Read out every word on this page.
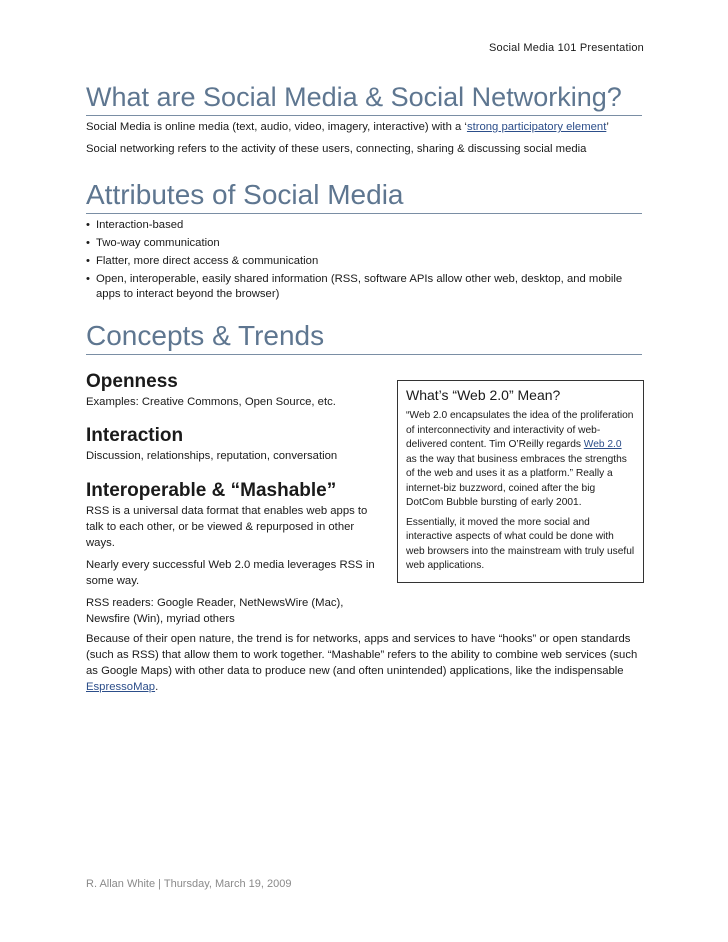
Social Media 101 Presentation
What are Social Media & Social Networking?

Social Media is online media (text, audio, video, imagery, interactive) with a ‘strong participatory element’

Social networking refers to the activity of these users, connecting, sharing & discussing social media

Attributes of Social Media
• Interaction-based
• Two-way communication
• Flatter, more direct access & communication
• Open, interoperable, easily shared information (RSS, software APIs allow other web, desktop, and mobile apps to interact beyond the browser)
Concepts & Trends
Openness

Examples: Creative Commons, Open Source, etc.

Interaction

Discussion, relationships, reputation, conversation

Interoperable & “Mashable”

RSS is a universal data format that enables web apps to talk to each other, or be viewed & repurposed in other ways.

Nearly every successful Web 2.0 media leverages RSS in some way.

RSS readers: Google Reader, NetNewsWire (Mac), Newsfire (Win), myriad others

What’s “Web 2.0” Mean?

“Web 2.0 encapsulates the idea of the proliferation of interconnectivity and interactivity of web-delivered content. Tim O’Reilly regards Web 2.0 as the way that business embraces the strengths of the web and uses it as a platform.” Really a internet-biz buzzword, coined after the big DotCom Bubble bursting of early 2001.

Essentially, it moved the more social and interactive aspects of what could be done with web browsers into the mainstream with truly useful web applications.

Because of their open nature, the trend is for networks, apps and services to have “hooks” or open standards (such as RSS) that allow them to work together. “Mashable” refers to the ability to combine web services (such as Google Maps) with other data to produce new (and often unintended) applications, like the indispensable EspressoMap.

R. Allan White | Thursday, March 19, 2009
